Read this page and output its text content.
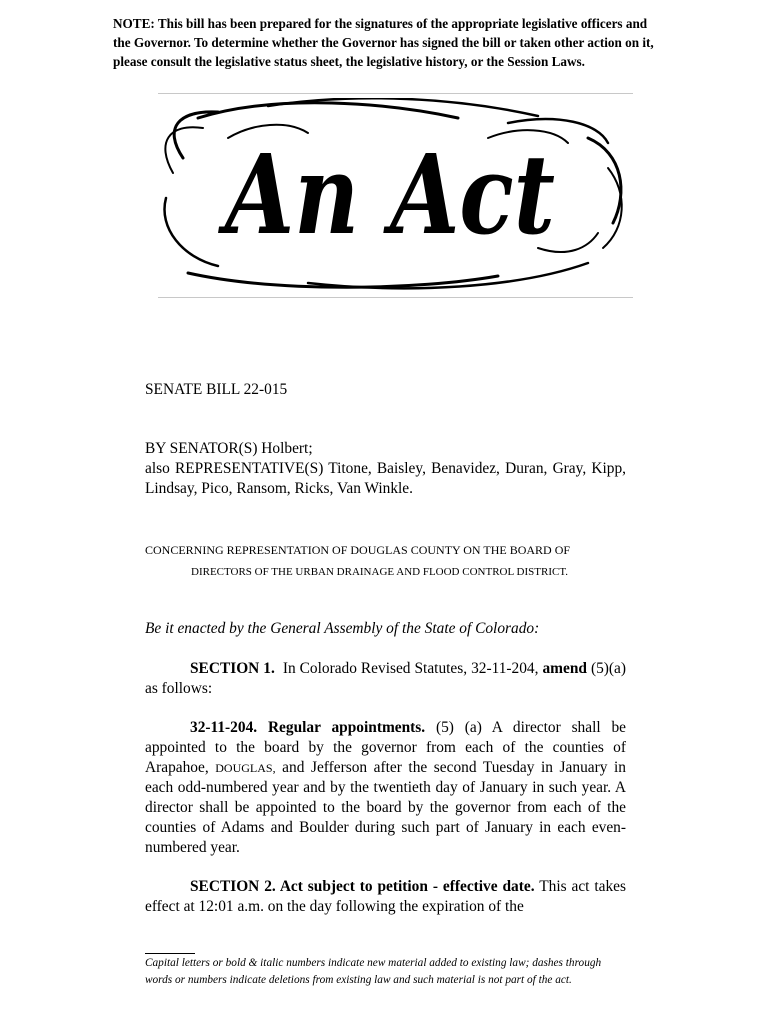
NOTE: This bill has been prepared for the signatures of the appropriate legislative officers and the Governor. To determine whether the Governor has signed the bill or taken other action on it, please consult the legislative status sheet, the legislative history, or the Session Laws.
An Act
SENATE BILL 22-015
BY SENATOR(S) Holbert;
also REPRESENTATIVE(S) Titone, Baisley, Benavidez, Duran, Gray, Kipp, Lindsay, Pico, Ransom, Ricks, Van Winkle.
CONCERNING REPRESENTATION OF DOUGLAS COUNTY ON THE BOARD OF
DIRECTORS OF THE URBAN DRAINAGE AND FLOOD CONTROL DISTRICT.
Be it enacted by the General Assembly of the State of Colorado:
SECTION 1. In Colorado Revised Statutes, 32-11-204, amend (5)(a) as follows:
32-11-204. Regular appointments. (5) (a) A director shall be appointed to the board by the governor from each of the counties of Arapahoe, DOUGLAS, and Jefferson after the second Tuesday in January in each odd-numbered year and by the twentieth day of January in such year. A director shall be appointed to the board by the governor from each of the counties of Adams and Boulder during such part of January in each even-numbered year.
SECTION 2. Act subject to petition - effective date. This act takes effect at 12:01 a.m. on the day following the expiration of the
Capital letters or bold & italic numbers indicate new material added to existing law; dashes through words or numbers indicate deletions from existing law and such material is not part of the act.
